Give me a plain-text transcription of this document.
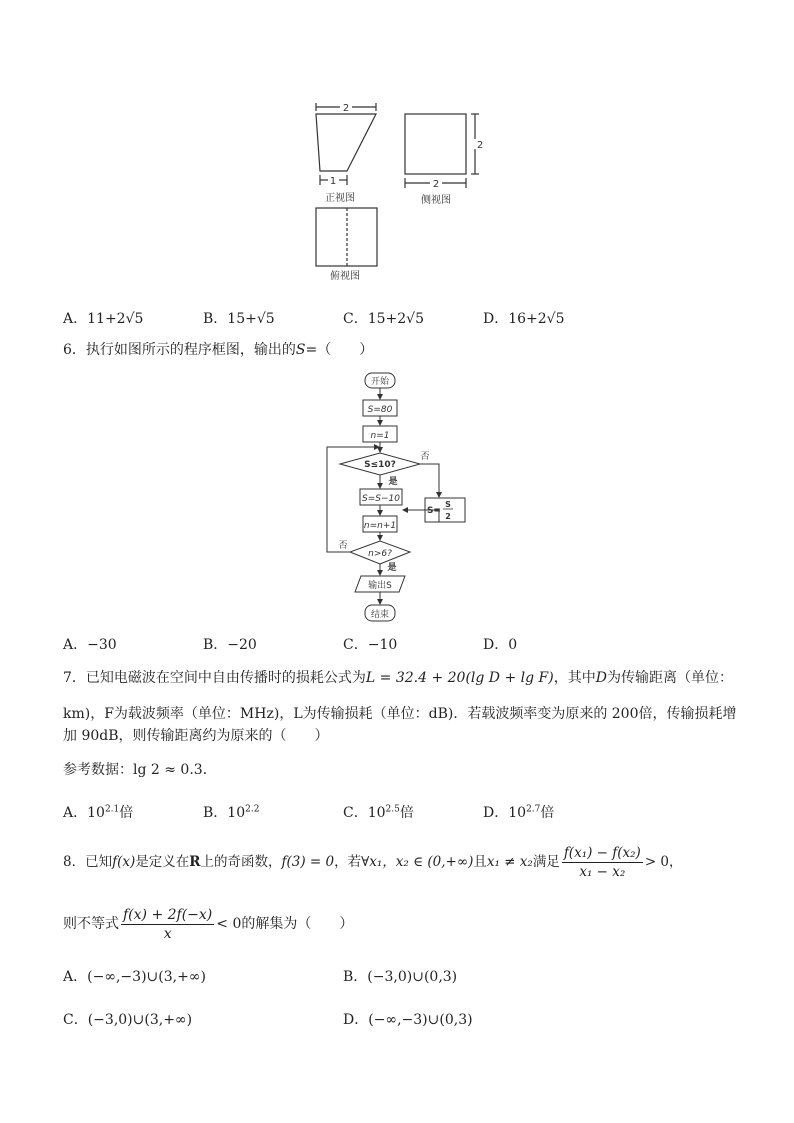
2
1
正视图
2
2
侧视图
俯视图
A．11+2√5	B．15+√5	C．15+2√5	D．16+2√5
6．执行如图所示的程序框图，输出的S=（　　）
开始
S=80
n=1
S≤10?
否
是
S=S−10
S=
S
2
n=n+1
n>6?
否
是
输出S
结束
A．−30	B．−20	C．−10	D．0
7．已知电磁波在空间中自由传播时的损耗公式为L = 32.4 + 20(lg D + lg F)，其中D为传输距离（单位：
km)，F为载波频率（单位：MHz)，L为传输损耗（单位：dB)．若载波频率变为原来的 200倍，传输损耗增
加 90dB，则传输距离约为原来的（　　）
参考数据：lg 2 ≈ 0.3．
A．$10^{2.1}$倍	B．$10^{2.2}$	C．$10^{2.5}$倍	D．$10^{2.7}$倍
8．已知f(x)是定义在R上的奇函数，f(3) = 0，若∀x₁，x₂ ∈ (0,+∞)且x₁ ≠ x₂满足 $\frac{\text{f(x₁) − f(x₂)}}{\text{x₁ − x₂}} > 0$，
则不等式 $\frac{f(x) + 2f(-x)}{x} < 0$的解集为（　　）
A．(−∞,−3)∪(3,+∞)	B．(−3,0)∪(0,3)
C．(−3,0)∪(3,+∞)	D．(−∞,−3)∪(0,3)
